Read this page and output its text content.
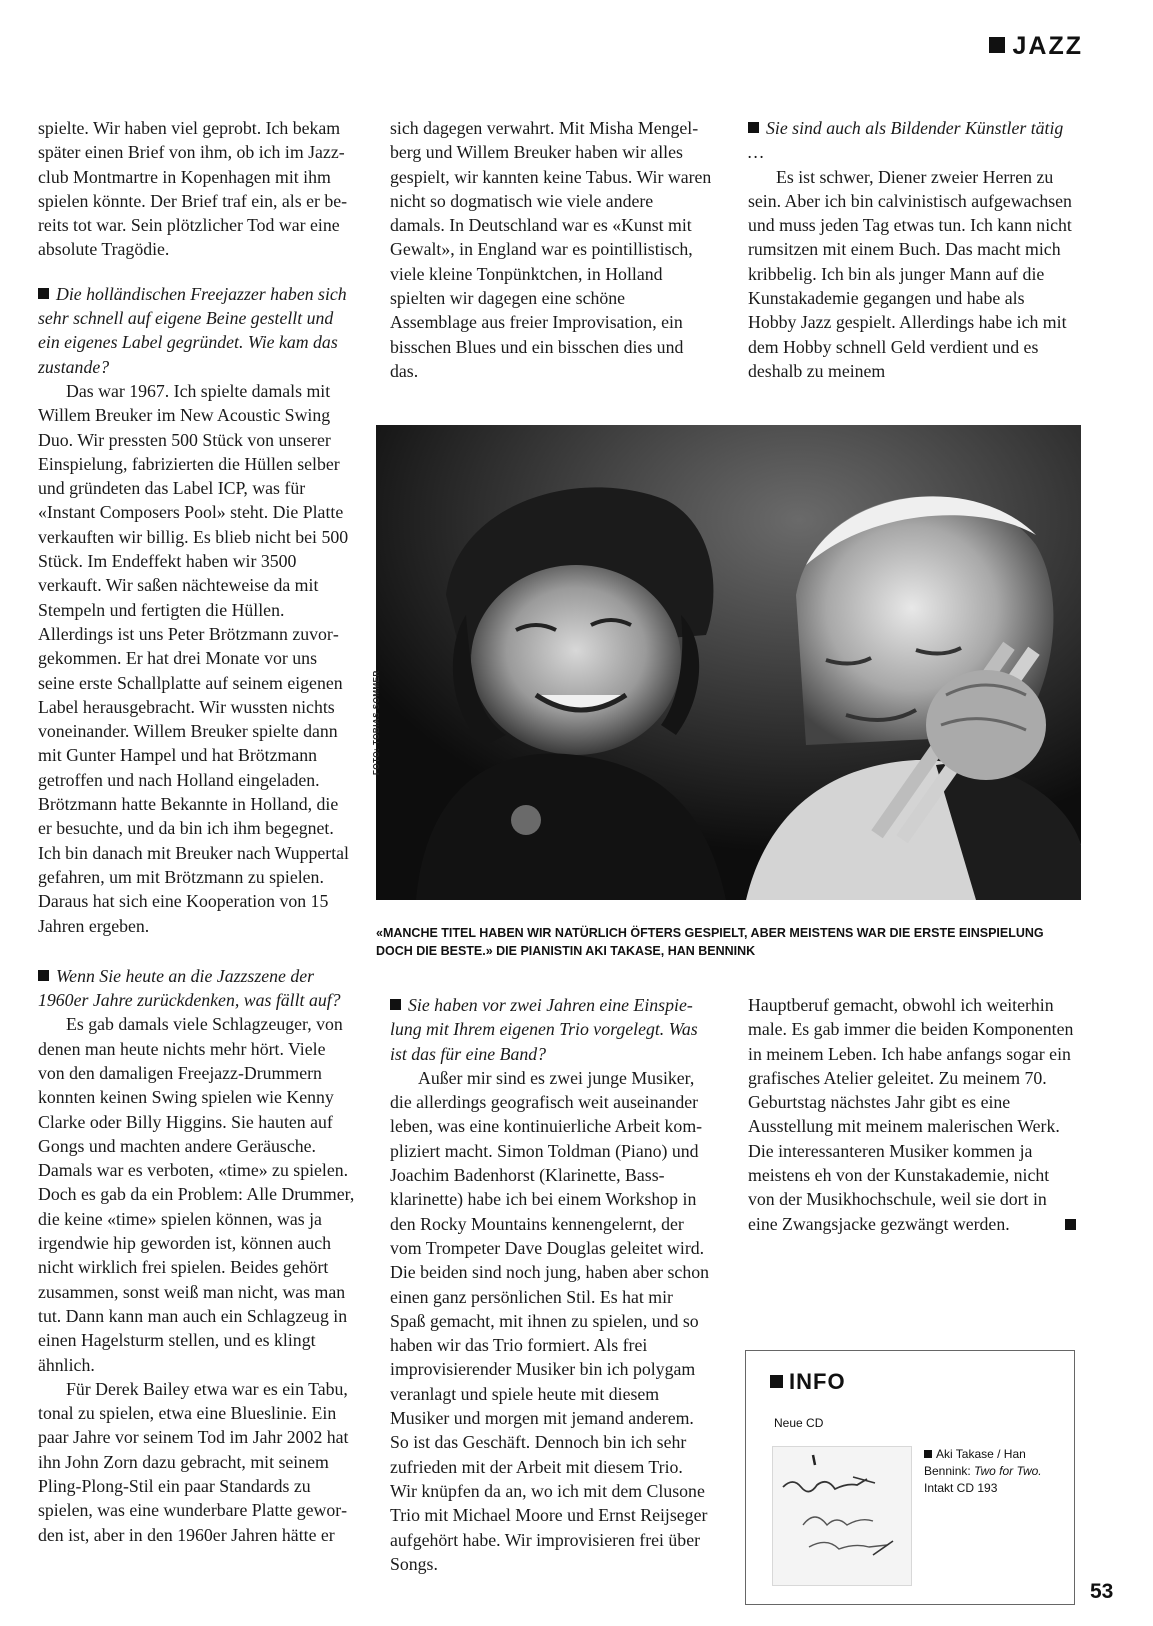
JAZZ

spielte. Wir haben viel geprobt. Ich bekam später einen Brief von ihm, ob ich im Jazzclub Montmartre in Kopenhagen mit ihm spielen könnte. Der Brief traf ein, als er bereits tot war. Sein plötzlicher Tod war eine absolute Tragödie.

Die holländischen Freejazzer haben sich sehr schnell auf eigene Beine gestellt und ein eigenes Label gegründet. Wie kam das zustande?

Das war 1967. Ich spielte damals mit Willem Breuker im New Acoustic Swing Duo. Wir pressten 500 Stück von unserer Einspielung, fabrizierten die Hüllen selber und gründeten das Label ICP, was für «Instant Composers Pool» steht. Die Platte verkauften wir billig. Es blieb nicht bei 500 Stück. Im Endeffekt haben wir 3500 verkauft. Wir saßen nächteweise da mit Stempeln und fertigten die Hüllen. Allerdings ist uns Peter Brötzmann zuvorgekommen. Er hat drei Monate vor uns seine erste Schallplatte auf seinem eigenen Label herausgebracht. Wir wussten nichts voneinander. Willem Breuker spielte dann mit Gunter Hampel und hat Brötzmann getroffen und nach Holland eingeladen. Brötzmann hatte Bekannte in Holland, die er besuchte, und da bin ich ihm begegnet. Ich bin danach mit Breuker nach Wuppertal gefahren, um mit Brötzmann zu spielen. Daraus hat sich eine Kooperation von 15 Jahren ergeben.

Wenn Sie heute an die Jazzszene der 1960er Jahre zurückdenken, was fällt auf?

Es gab damals viele Schlagzeuger, von denen man heute nichts mehr hört. Viele von den damaligen Freejazz-Drummern konnten keinen Swing spielen wie Kenny Clarke oder Billy Higgins. Sie hauten auf Gongs und machten andere Geräusche. Damals war es verboten, «time» zu spielen. Doch es gab da ein Problem: Alle Drummer, die keine «time» spielen können, was ja irgendwie hip geworden ist, können auch nicht wirklich frei spielen. Beides gehört zusammen, sonst weiß man nicht, was man tut. Dann kann man auch ein Schlagzeug in einen Hagelsturm stellen, und es klingt ähnlich.

Für Derek Bailey etwa war es ein Tabu, tonal zu spielen, etwa eine Blueslinie. Ein paar Jahre vor seinem Tod im Jahr 2002 hat ihn John Zorn dazu gebracht, mit seinem Pling-Plong-Stil ein paar Standards zu spielen, was eine wunderbare Platte geworden ist, aber in den 1960er Jahren hätte er

sich dagegen verwahrt. Mit Misha Mengelberg und Willem Breuker haben wir alles gespielt, wir kannten keine Tabus. Wir waren nicht so dogmatisch wie viele andere damals. In Deutschland war es «Kunst mit Gewalt», in England war es pointillistisch, viele kleine Tonpünktchen, in Holland spielten wir dagegen eine schöne Assemblage aus freier Improvisation, ein bisschen Blues und ein bisschen dies und das.

Sie haben vor zwei Jahren eine Einspielung mit Ihrem eigenen Trio vorgelegt. Was ist das für eine Band?

Außer mir sind es zwei junge Musiker, die allerdings geografisch weit auseinander leben, was eine kontinuierliche Arbeit kompliziert macht. Simon Toldman (Piano) und Joachim Badenhorst (Klarinette, Bassklarinette) habe ich bei einem Workshop in den Rocky Mountains kennengelernt, der vom Trompeter Dave Douglas geleitet wird. Die beiden sind noch jung, haben aber schon einen ganz persönlichen Stil. Es hat mir Spaß gemacht, mit ihnen zu spielen, und so haben wir das Trio formiert. Als frei improvisierender Musiker bin ich polygam veranlagt und spiele heute mit diesem Musiker und morgen mit jemand anderem. So ist das Geschäft. Dennoch bin ich sehr zufrieden mit der Arbeit mit diesem Trio. Wir knüpfen da an, wo ich mit dem Clusone Trio mit Michael Moore und Ernst Reijseger aufgehört habe. Wir improvisieren frei über Songs.

Sie sind auch als Bildender Künstler tätig …

Es ist schwer, Diener zweier Herren zu sein. Aber ich bin calvinistisch aufgewachsen und muss jeden Tag etwas tun. Ich kann nicht rumsitzen mit einem Buch. Das macht mich kribbelig. Ich bin als junger Mann auf die Kunstakademie gegangen und habe als Hobby Jazz gespielt. Allerdings habe ich mit dem Hobby schnell Geld verdient und es deshalb zu meinem

Hauptberuf gemacht, obwohl ich weiterhin male. Es gab immer die beiden Komponenten in meinem Leben. Ich habe anfangs sogar ein grafisches Atelier geleitet. Zu meinem 70. Geburtstag nächstes Jahr gibt es eine Ausstellung mit meinem malerischen Werk. Die interessanteren Musiker kommen ja meistens eh von der Kunstakademie, nicht von der Musikhochschule, weil sie dort in eine Zwangsjacke gezwängt werden.

FOTO: TOBIAS SOMMER
«MANCHE TITEL HABEN WIR NATÜRLICH ÖFTERS GESPIELT, ABER MEISTENS WAR DIE ERSTE EINSPIELUNG DOCH DIE BESTE.» DIE PIANISTIN AKI TAKASE, HAN BENNINK
INFO
Neue CD
Aki Takase / Han Bennink: Two for Two.
Intakt CD 193
53
